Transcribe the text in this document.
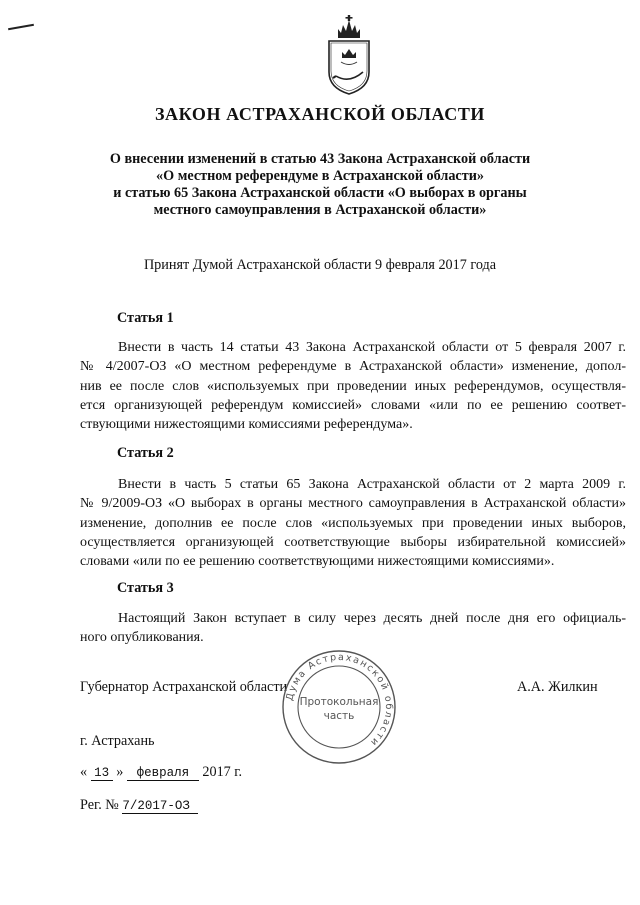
ЗАКОН АСТРАХАНСКОЙ ОБЛАСТИ
О внесении изменений в статью 43 Закона Астраханской области
«О местном референдуме в Астраханской области»
и статью 65 Закона Астраханской области «О выборах в органы
местного самоуправления в Астраханской области»
Принят Думой Астраханской области 9 февраля 2017 года
Статья 1
Внести в часть 14 статьи 43 Закона Астраханской области от 5 февраля 2007 г.
№ 4/2007-ОЗ «О местном референдуме в Астраханской области» изменение, допол-
нив ее после слов «используемых при проведении иных референдумов, осуществля-
ется организующей референдум комиссией» словами «или по ее решению соответ-
ствующими нижестоящими комиссиями референдума».
Статья 2
Внести в часть 5 статьи 65 Закона Астраханской области от 2 марта 2009 г.
№ 9/2009-ОЗ «О выборах в органы местного самоуправления в Астраханской области»
изменение, дополнив ее после слов «используемых при проведении иных выборов,
осуществляется организующей соответствующие выборы избирательной комиссией»
словами «или по ее решению соответствующими нижестоящими комиссиями».
Статья 3
Настоящий Закон вступает в силу через десять дней после дня его официаль-
ного опубликования.
Губернатор Астраханской области	А.А. Жилкин
Дума Астраханской области
Протокольная
часть
г. Астрахань
« 13 » февраля 2017 г.
Рег. № 7/2017-ОЗ
